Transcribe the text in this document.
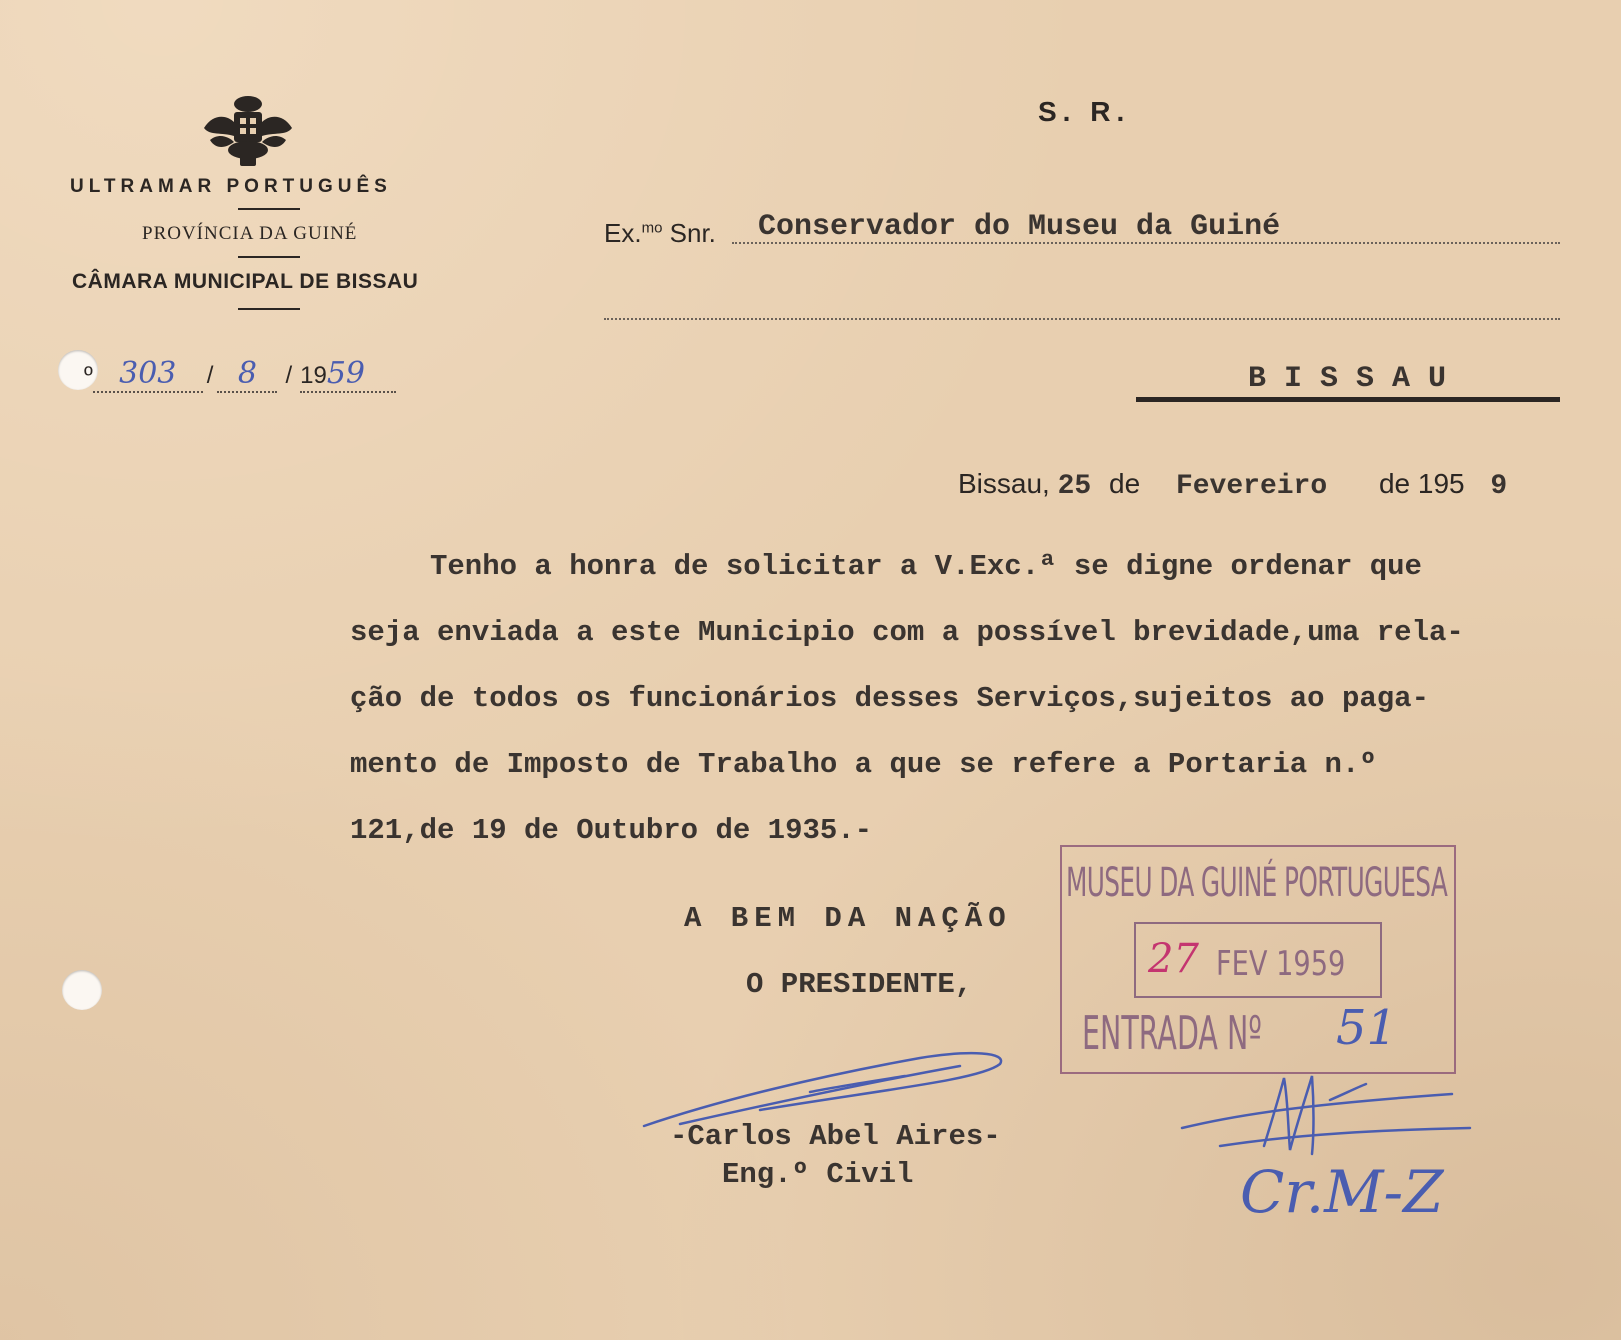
ULTRAMAR PORTUGUÊS
PROVÍNCIA DA GUINÉ
CÂMARA MUNICIPAL DE BISSAU
º 303 / 8 / 1959
S. R.
Ex.$^{mo}$ Snr. Conservador do Museu da Guiné
BISSAU
Bissau, 25 de Fevereiro de 195 9
Tenho a honra de solicitar a V.Exc.ª se digne ordenar que
seja enviada a este Municipio com a possível brevidade,uma rela-
ção de todos os funcionários desses Serviços,sujeitos ao paga-
mento de Imposto de Trabalho a que se refere a Portaria n.º
121,de 19 de Outubro de 1935.-
A BEM DA NAÇÃO
O PRESIDENTE,
-Carlos Abel Aires-
Eng.º Civil
MUSEU DA GUINÉ PORTUGUESA
27 FEV 1959
ENTRADA Nº 51
Cr.M-Z
